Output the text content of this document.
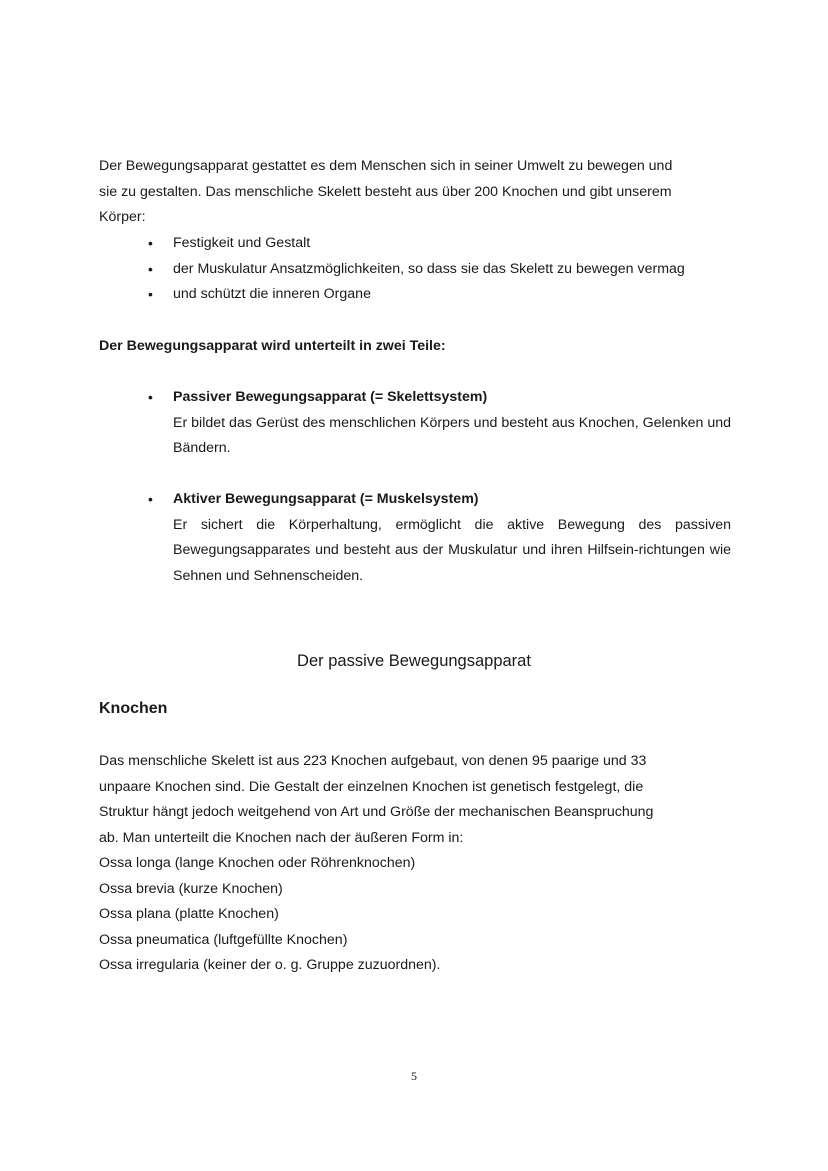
Der Bewegungsapparat gestattet es dem Menschen sich in seiner Umwelt zu bewegen und

sie zu gestalten. Das menschliche Skelett besteht aus über 200 Knochen und gibt unserem

Körper:

• Festigkeit und Gestalt
• der Muskulatur Ansatzmöglichkeiten, so dass sie das Skelett zu bewegen vermag
• und schützt die inneren Organe
Der Bewegungsapparat wird unterteilt in zwei Teile:
• Passiver Bewegungsapparat (= Skelettsystem)
Er bildet das Gerüst des menschlichen Körpers und besteht aus Knochen, Gelenken und Bändern.
• Aktiver Bewegungsapparat (= Muskelsystem)
Er sichert die Körperhaltung, ermöglicht die aktive Bewegung des passiven Bewegungsapparates und besteht aus der Muskulatur und ihren Hilfsein-richtungen wie Sehnen und Sehnenscheiden.
Der passive Bewegungsapparat
Knochen

Das menschliche Skelett ist aus 223 Knochen aufgebaut, von denen 95 paarige und 33

unpaare Knochen sind. Die Gestalt der einzelnen Knochen ist genetisch festgelegt, die

Struktur hängt jedoch weitgehend von Art und Größe der mechanischen Beanspruchung

ab. Man unterteilt die Knochen nach der äußeren Form in:

Ossa longa (lange Knochen oder Röhrenknochen)

Ossa brevia (kurze Knochen)

Ossa plana (platte Knochen)

Ossa pneumatica (luftgefüllte Knochen)

Ossa irregularia (keiner der o. g. Gruppe zuzuordnen).

5
